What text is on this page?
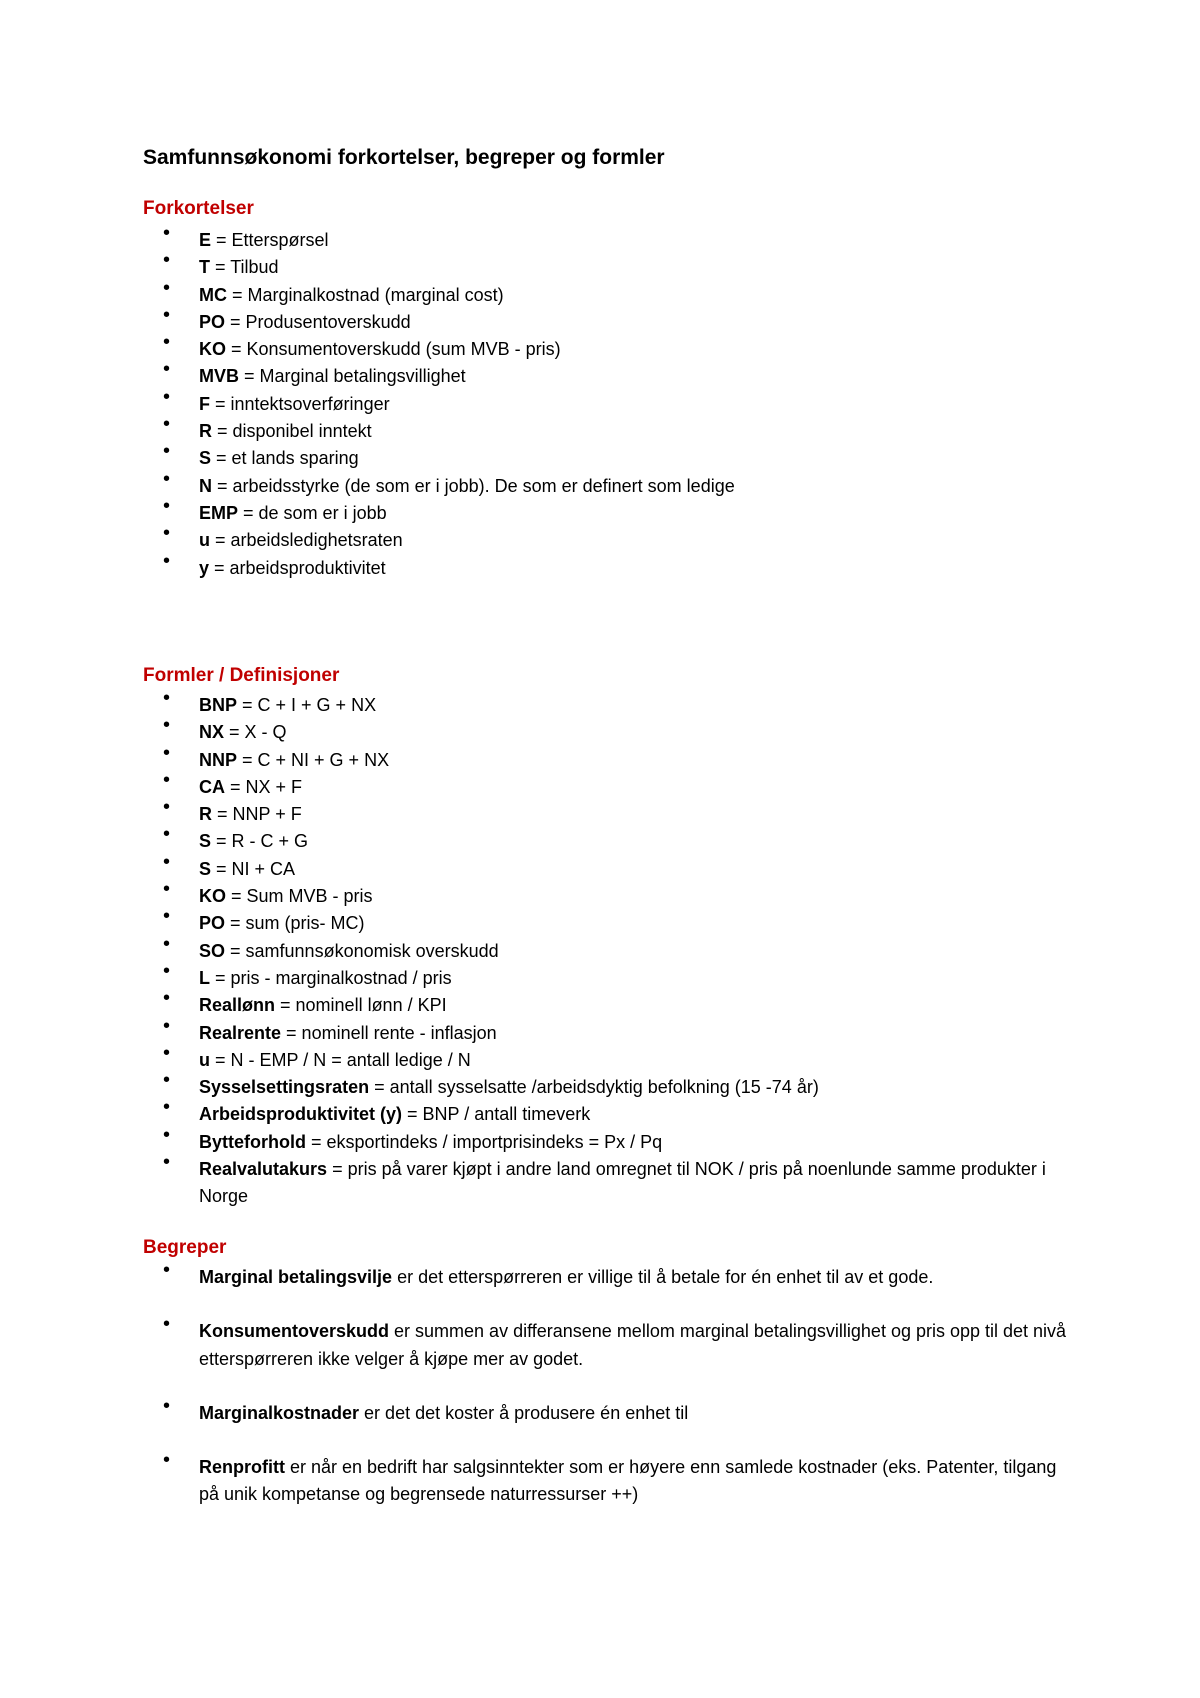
Samfunnsøkonomi forkortelser, begreper og formler
Forkortelser
• E = Etterspørsel
• T = Tilbud
• MC = Marginalkostnad (marginal cost)
• PO = Produsentoverskudd
• KO = Konsumentoverskudd (sum MVB - pris)
• MVB = Marginal betalingsvillighet
• F = inntektsoverføringer
• R = disponibel inntekt
• S = et lands sparing
• N = arbeidsstyrke (de som er i jobb). De som er definert som ledige
• EMP = de som er i jobb
• u = arbeidsledighetsraten
• y = arbeidsproduktivitet
Formler / Definisjoner
• BNP = C + I + G + NX
• NX = X - Q
• NNP = C + NI + G + NX
• CA = NX + F
• R = NNP + F
• S = R - C + G
• S = NI + CA
• KO = Sum MVB - pris
• PO = sum (pris- MC)
• SO = samfunnsøkonomisk overskudd
• L = pris - marginalkostnad / pris
• Reallønn = nominell lønn / KPI
• Realrente = nominell rente - inflasjon
• u = N - EMP / N = antall ledige / N
• Sysselsettingsraten = antall sysselsatte /arbeidsdyktig befolkning (15 -74 år)
• Arbeidsproduktivitet (y) = BNP / antall timeverk
• Bytteforhold = eksportindeks / importprisindeks = Px / Pq
• Realvalutakurs = pris på varer kjøpt i andre land omregnet til NOK / pris på noenlunde samme produkter i Norge
Begreper
• Marginal betalingsvilje er det etterspørreren er villige til å betale for én enhet til av et gode.
• Konsumentoverskudd er summen av differansene mellom marginal betalingsvillighet og pris opp til det nivå etterspørreren ikke velger å kjøpe mer av godet.
• Marginalkostnader er det det koster å produsere én enhet til
• Renprofitt er når en bedrift har salgsinntekter som er høyere enn samlede kostnader (eks. Patenter, tilgang på unik kompetanse og begrensede naturressurser ++)
